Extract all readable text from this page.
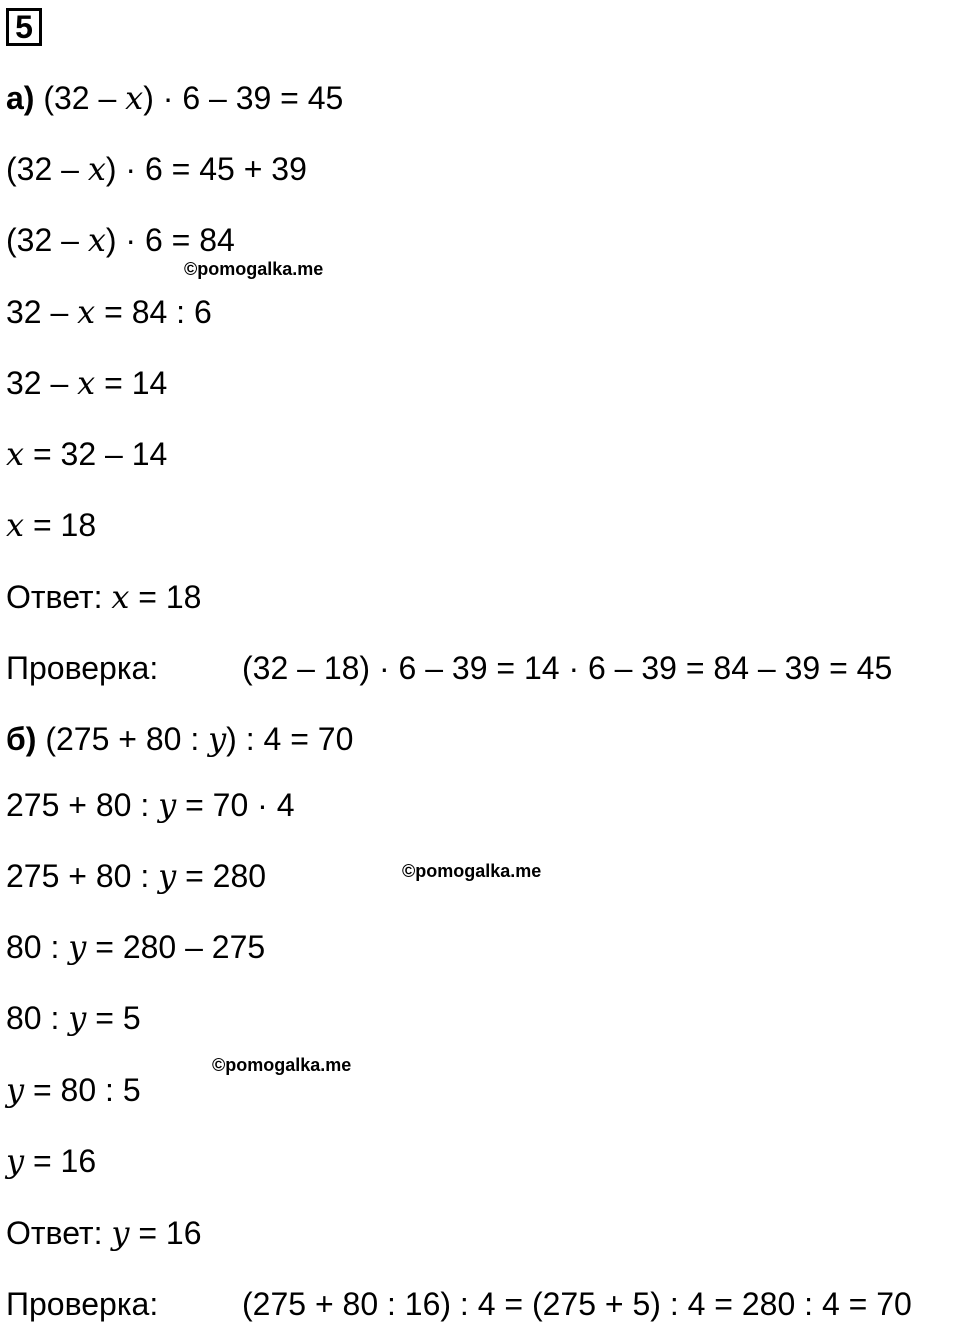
5
а) (32 – x) · 6 – 39 = 45
(32 – x) · 6 = 45 + 39
(32 – x) · 6 = 84
©pomogalka.me
32 – x = 84 : 6
32 – x = 14
x = 32 – 14
x = 18
Ответ: x = 18
Проверка:	(32 – 18) · 6 – 39 = 14 · 6 – 39 = 84 – 39 = 45
б) (275 + 80 : y) : 4 = 70
275 + 80 : y = 70 · 4
275 + 80 : y = 280	©pomogalka.me
80 : y = 280 – 275
80 : y = 5
©pomogalka.me
y = 80 : 5
y = 16
Ответ: y = 16
Проверка:	(275 + 80 : 16) : 4 = (275 + 5) : 4 = 280 : 4 = 70
